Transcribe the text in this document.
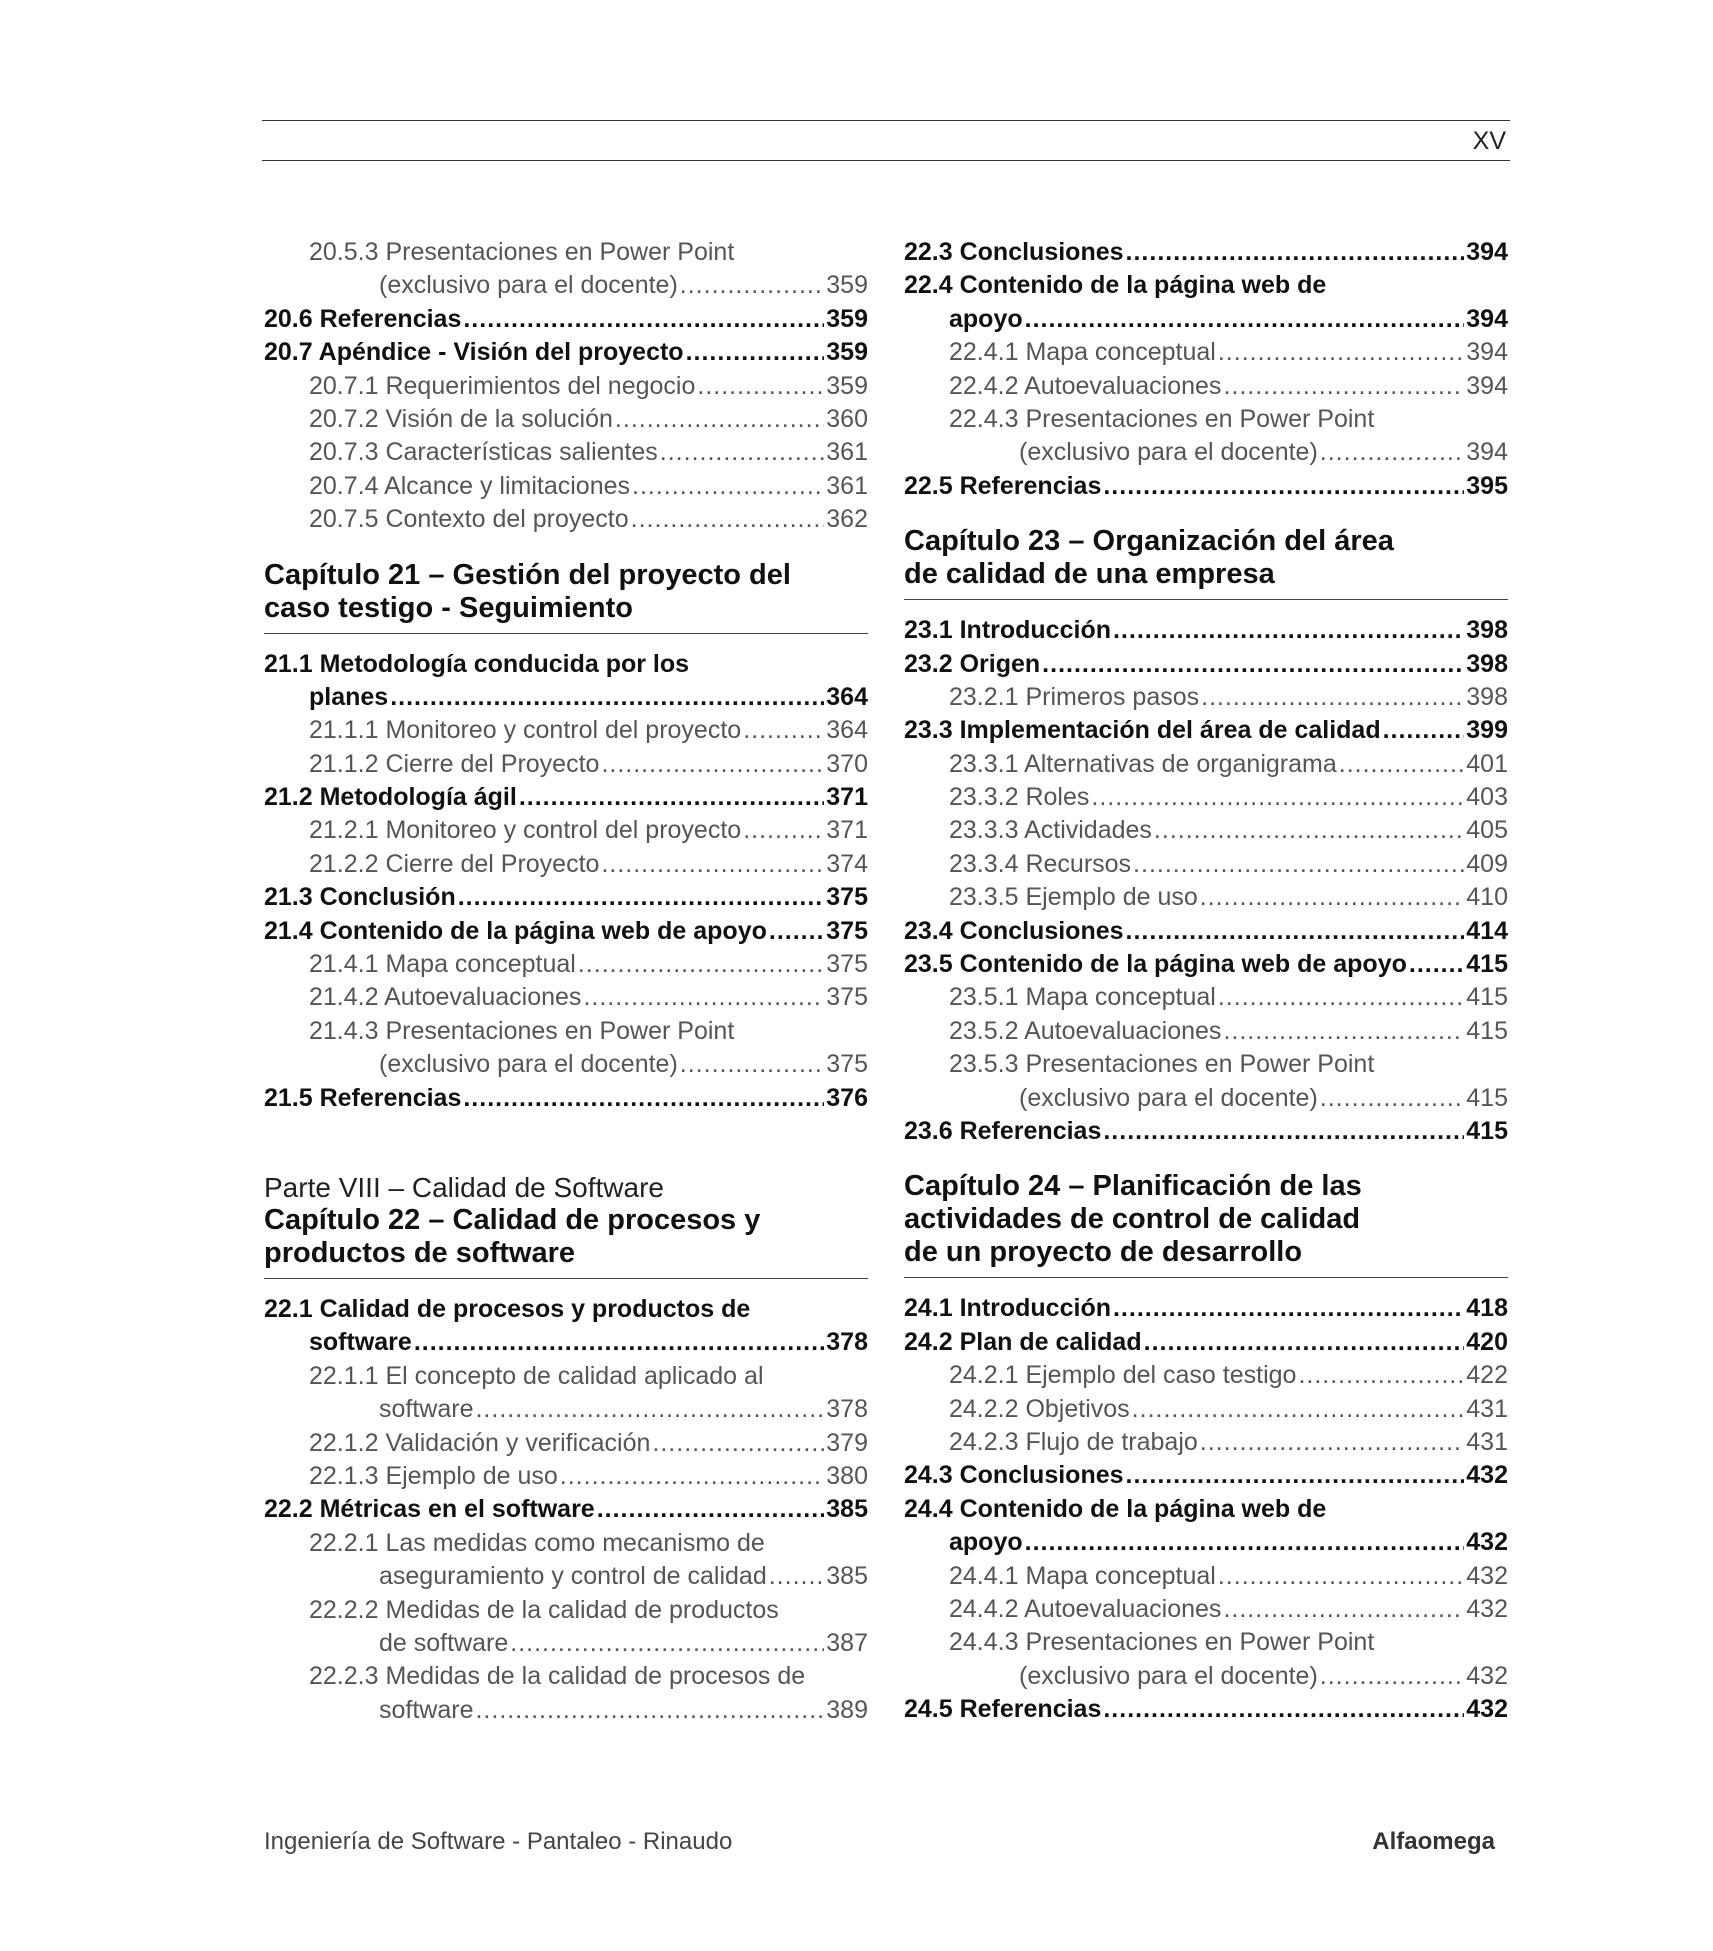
XV
20.5.3 Presentaciones en Power Point
(exclusivo para el docente) .....	359
20.6 Referencias .....	359
20.7 Apéndice - Visión del proyecto .....	359
20.7.1 Requerimientos del negocio .....	359
20.7.2 Visión de la solución .....	360
20.7.3 Características salientes .....	361
20.7.4 Alcance y limitaciones .....	361
20.7.5 Contexto del proyecto .....	362
Capítulo 21 – Gestión del proyecto del
caso testigo - Seguimiento
21.1 Metodología conducida por los
planes .....	364
21.1.1 Monitoreo y control del proyecto .....	364
21.1.2 Cierre del Proyecto .....	370
21.2 Metodología ágil .....	371
21.2.1 Monitoreo y control del proyecto .....	371
21.2.2 Cierre del Proyecto .....	374
21.3 Conclusión .....	375
21.4 Contenido de la página web de apoyo ..... 375
21.4.1 Mapa conceptual .....	375
21.4.2 Autoevaluaciones .....	375
21.4.3 Presentaciones en Power Point
(exclusivo para el docente) .....	375
21.5 Referencias .....	376
Parte VIII – Calidad de Software
Capítulo 22 – Calidad de procesos y
productos de software
22.1 Calidad de procesos y productos de
software .....	378
22.1.1 El concepto de calidad aplicado al
software .....	378
22.1.2 Validación y verificación .....	379
22.1.3 Ejemplo de uso .....	380
22.2 Métricas en el software .....	385
22.2.1 Las medidas como mecanismo de
aseguramiento y control de calidad ..... 385
22.2.2 Medidas de la calidad de productos
de software .....	387
22.2.3 Medidas de la calidad de procesos de
software .....	389
22.3 Conclusiones .....	394
22.4 Contenido de la página web de
apoyo .....	394
22.4.1 Mapa conceptual .....	394
22.4.2 Autoevaluaciones .....	394
22.4.3 Presentaciones en Power Point
(exclusivo para el docente) .....	394
22.5 Referencias .....	395
Capítulo 23 – Organización del área
de calidad de una empresa
23.1 Introducción .....	398
23.2 Origen .....	398
23.2.1 Primeros pasos .....	398
23.3 Implementación del área de calidad .....	399
23.3.1 Alternativas de organigrama .....	401
23.3.2 Roles .....	403
23.3.3 Actividades .....	405
23.3.4 Recursos .....	409
23.3.5 Ejemplo de uso .....	410
23.4 Conclusiones .....	414
23.5 Contenido de la página web de apoyo ..... 415
23.5.1 Mapa conceptual .....	415
23.5.2 Autoevaluaciones .....	415
23.5.3 Presentaciones en Power Point
(exclusivo para el docente) .....	415
23.6 Referencias .....	415
Capítulo 24 – Planificación de las
actividades de control de calidad
de un proyecto de desarrollo
24.1 Introducción .....	418
24.2 Plan de calidad .....	420
24.2.1 Ejemplo del caso testigo .....	422
24.2.2 Objetivos .....	431
24.2.3 Flujo de trabajo .....	431
24.3 Conclusiones .....	432
24.4 Contenido de la página web de
apoyo .....	432
24.4.1 Mapa conceptual .....	432
24.4.2 Autoevaluaciones .....	432
24.4.3 Presentaciones en Power Point
(exclusivo para el docente) .....	432
24.5 Referencias .....	432
Ingeniería de Software - Pantaleo - Rinaudo	Alfaomega
